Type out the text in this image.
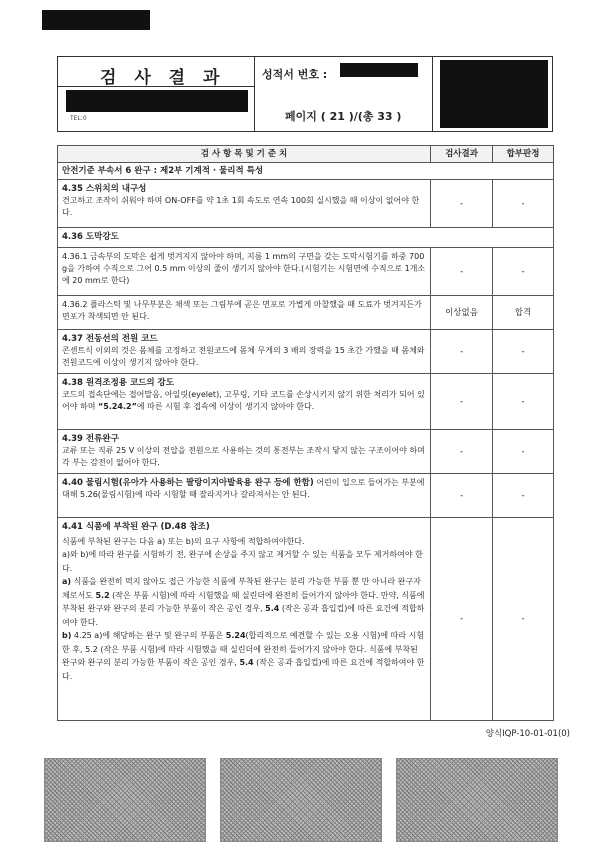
검 사 결 과
TEL:0
성적서 번호 :
페이지 ( 21 )/(총 33 )
검 사 항 목 및 기 준 치	검사결과	합부판정
안전기준 부속서 6 완구 : 제2부 기계적 · 물리적 특성		

4.35 스위치의 내구성
견고하고 조작이 쉬워야 하며 ON-OFF를 약 1초 1회 속도로 연속 100회 실시했을 때 이상이 없어야 한다.	-	-

4.36 도막강도		

4.36.1 금속부의 도막은 쉽게 벗겨지지 않아야 하며, 지름 1 mm의 구면을 갖는 도막시험기를 하중 700 g을 가하여 수직으로 그어 0.5 mm 이상의 줄이 생기지 않아야 한다.(시험기는 시험면에 수직으로 1개소에 20 mm로 한다)	-	-

4.36.2 플라스틱 및 나무부분은 채색 또는 그림부에 곧은 면포로 가볍게 마찰했을 때 도료가 벗겨지든가 면포가 착색되면 안 된다.	이상없음	합격

4.37 전동선의 전원 코드
콘센트식 이외의 것은 몸체를 고정하고 전원코드에 몸체 무게의 3 배의 장력을 15 초간 가했을 때 몸체와 전원코드에 이상이 생기지 않아야 한다.	-	-

4.38 원격조정용 코드의 강도
코드의 접속단에는 접어말음, 아일릿(eyelet), 고무링, 기타 코드를 손상시키지 않기 위한 처리가 되어 있어야 하며 “5.24.2”에 따른 시험 후 접속에 이상이 생기지 않아야 한다.	-	-

4.39 전류완구
교류 또는 직류 25 V 이상의 전압을 전원으로 사용하는 것의 통전부는 조작시 닿지 않는 구조이어야 하며 각 부는 감전이 없어야 한다.	-	-
4.40 물림시험(유아가 사용하는 팔랑이지아발육용 완구 등에 한함) 어린이 입으로 들어가는 부분에 대해 5.26(물림시험)에 따라 시험할 때 잘라지거나 갈라져서는 안 된다.	-	-

4.41 식품에 부착된 완구 (D.48 참조)
식품에 부착된 완구는 다음 a) 또는 b)의 요구 사항에 적합하여야한다.
a)와 b)에 따라 완구를 시험하기 전, 완구에 손상을 주지 않고 제거할 수 있는 식품을 모두 제거하여야 한다.
a) 식품을 완전히 먹지 않아도 접근 가능한 식품에 부착된 완구는 분리 가능한 부품 뿐 만 아니라 완구자체로서도 5.2 (작은 부품 시험)에 따라 시험했을 때 실린더에 완전히 들어가지 않아야 한다. 만약, 식품에 부착된 완구와 완구의 분리 가능한 부품이 작은 공인 경우, 5.4 (작은 공과 흡입컵)에 따른 요건에 적합하여야 한다.
b) 4.25 a)에 해당하는 완구 및 완구의 부품은 5.24(합리적으로 예견할 수 있는 오용 시험)에 따라 시험한 후, 5.2 (작은 부품 시험)에 따라 시험했을 때 실린더에 완전히 들어가지 않아야 한다. 식품에 부착된 완구와 완구의 분리 가능한 부품이 작은 공인 경우, 5.4 (작은 공과 흡입컵)에 따른 요건에 적합하여야 한다.	-	-
양식IQP-10-01-01(0)
